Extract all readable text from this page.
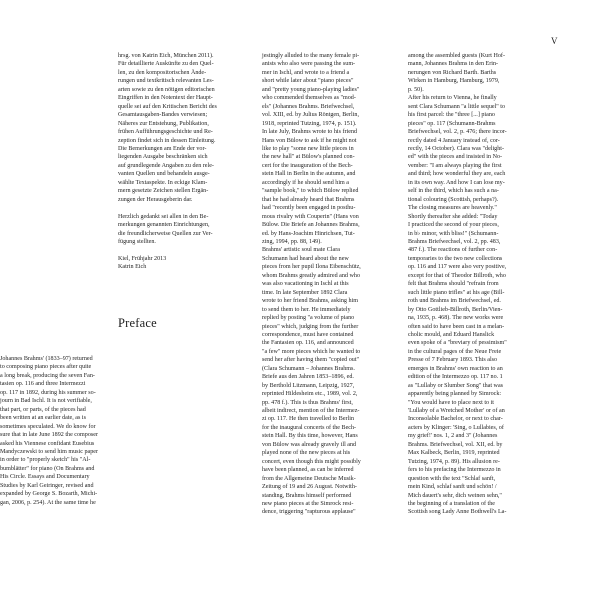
V

hrsg. von Katrin Eich, München 2011).

Für detaillierte Auskünfte zu den Quel-

len, zu den kompositorischen Ände-

rungen und textkritisch relevanten Les-

arten sowie zu den nötigen editorischen

Eingriffen in den Notentext der Haupt-

quelle sei auf den Kritischen Bericht des

Gesamtausgaben-Bandes verwiesen;

Näheres zur Entstehung, Publikation,

frühen Aufführungsgeschichte und Re-

zeption findet sich in dessen Einleitung.

Die Bemerkungen am Ende der vor-

liegenden Ausgabe beschränken sich

auf grundlegende Angaben zu den rele-

vanten Quellen und behandeln ausge-

wählte Textaspekte. In eckige Klam-

mern gesetzte Zeichen stellen Ergän-

zungen der Herausgeberin dar.

Herzlich gedankt sei allen in den Be-

merkungen genannten Einrichtungen,

die freundlicherweise Quellen zur Ver-

fügung stellten.

Kiel, Frühjahr 2013

Katrin Eich

Preface

Johannes Brahms' (1833–97) returned

to composing piano pieces after quite

a long break, producing the seven Fan-

tasien op. 116 and three Intermezzi

op. 117 in 1892, during his summer so-

journ in Bad Ischl. It is not verifiable,

that part, or parts, of the pieces had

been written at an earlier date, as is

sometimes speculated. We do know for

sure that in late June 1892 the composer

asked his Viennese confidant Eusebius

Mandyczewski to send him music paper

in order to "properly sketch" his "Al-

bumblätter" for piano (On Brahms and

His Circle. Essays and Documentary

Studies by Karl Geiringer, revised and

expanded by George S. Bozarth, Michi-

gan, 2006, p. 254). At the same time he

jestingly alluded to the many female pi-

anists who also were passing the sum-

mer in Ischl, and wrote to a friend a

short while later about "piano pieces"

and "pretty young piano-playing ladies"

who commended themselves as "mod-

els" (Johannes Brahms. Briefwechsel,

vol. XIII, ed. by Julius Röntgen, Berlin,

1918, reprinted Tutzing, 1974, p. 151).

In late July, Brahms wrote to his friend

Hans von Bülow to ask if he might not

like to play "some new little pieces in

the new hall" at Bülow's planned con-

cert for the inauguration of the Bech-

stein Hall in Berlin in the autumn, and

accordingly if he should send him a

"sample book," to which Bülow replied

that he had already heard that Brahms

had "recently been engaged in posthu-

mous rivalry with Couperin" (Hans von

Bülow. Die Briefe an Johannes Brahms,

ed. by Hans-Joachim Hinrichsen, Tut-

zing, 1994, pp. 88, 149).

Brahms' artistic soul mate Clara

Schumann had heard about the new

pieces from her pupil Ilona Eibenschütz,

whom Brahms greatly admired and who

was also vacationing in Ischl at this

time. In late September 1892 Clara

wrote to her friend Brahms, asking him

to send them to her. He immediately

replied by posting "a volume of piano

pieces" which, judging from the further

correspondence, must have contained

the Fantasien op. 116, and announced

"a few" more pieces which he wanted to

send her after having them "copied out"

(Clara Schumann – Johannes Brahms.

Briefe aus den Jahren 1853–1896, ed.

by Berthold Litzmann, Leipzig, 1927,

reprinted Hildesheim etc., 1989, vol. 2,

pp. 478 f.). This is thus Brahms' first,

albeit indirect, mention of the Intermez-

zi op. 117. He then travelled to Berlin

for the inaugural concerts of the Bech-

stein Hall. By this time, however, Hans

von Bülow was already gravely ill and

played none of the new pieces at his

concert, even though this might possibly

have been planned, as can be inferred

from the Allgemeine Deutsche Musik-

Zeitung of 19 and 26 August. Notwith-

standing, Brahms himself performed

new piano pieces at the Simrock resi-

dence, triggering "rapturous applause"

among the assembled guests (Kurt Hof-

mann, Johannes Brahms in den Erin-

nerungen von Richard Barth. Barths

Wirken in Hamburg, Hamburg, 1979,

p. 50).

After his return to Vienna, he finally

sent Clara Schumann "a little sequel" to

his first parcel: the "three [...] piano

pieces" op. 117 (Schumann-Brahms

Briefwechsel, vol. 2, p. 476; there incor-

rectly dated 4 January instead of, cor-

rectly, 14 October). Clara was "delight-

ed" with the pieces and insisted in No-

vember: "I am always playing the first

and third; how wonderful they are, each

in its own way. And how I can lose my-

self in the third, which has such a na-

tional colouring (Scottish, perhaps?).

The closing measures are heavenly."

Shortly thereafter she added: "Today

I practiced the second of your pieces,

in b♭ minor, with bliss!" (Schumann-

Brahms Briefwechsel, vol. 2, pp. 483,

487 f.). The reactions of further con-

temporaries to the two new collections

op. 116 and 117 were also very positive,

except for that of Theodor Billroth, who

felt that Brahms should "refrain from

such little piano trifles" at his age (Bill-

roth und Brahms im Briefwechsel, ed.

by Otto Gottlieb-Billroth, Berlin/Vien-

na, 1935, p. 468). The new works were

often said to have been cast in a melan-

cholic mould, and Eduard Hanslick

even spoke of a "breviary of pessimism"

in the cultural pages of the Neue Freie

Presse of 7 February 1893. This also

emerges in Brahms' own reaction to an

edition of the Intermezzo op. 117 no. 1

as "Lullaby or Slumber Song" that was

apparently being planned by Simrock:

"You would have to place next to it

'Lullaby of a Wretched Mother' or of an

Inconsolable Bachelor, or next to char-

acters by Klinger: 'Sing, o Lullabies, of

my grief!' nos. 1, 2 and 3" (Johannes

Brahms. Briefwechsel, vol. XII, ed. by

Max Kalbeck, Berlin, 1919, reprinted

Tutzing, 1974, p. 89). His allusion re-

fers to his prefacing the Intermezzo in

question with the text "Schlaf sanft,

mein Kind, schlaf sanft und schön! /

Mich dauert's sehr, dich weinen sehn,"

the beginning of a translation of the

Scottish song Lady Anne Bothwell's La-
